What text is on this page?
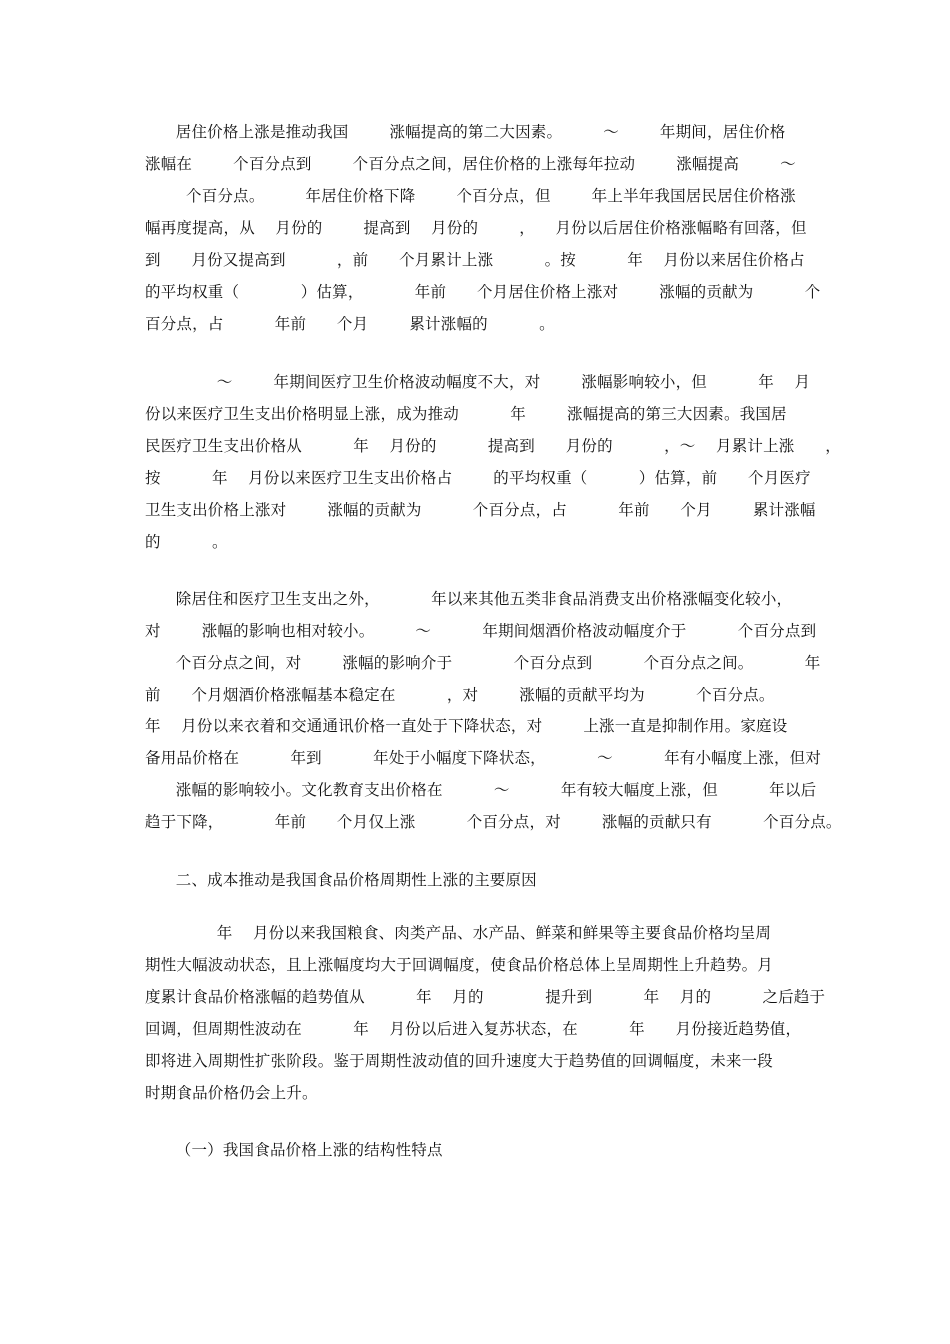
居住价格上涨是推动我国        涨幅提高的第二大因素。        ～        年期间，居住价格
涨幅在        个百分点到        个百分点之间，居住价格的上涨每年拉动        涨幅提高        ～
个百分点。        年居住价格下降        个百分点，但        年上半年我国居民居住价格涨
幅再度提高，从    月份的        提高到    月份的        ，    月份以后居住价格涨幅略有回落，但
到      月份又提高到          ，前      个月累计上涨          。按          年    月份以来居住价格占
的平均权重（            ）估算，          年前      个月居住价格上涨对        涨幅的贡献为          个
百分点，占          年前      个月        累计涨幅的          。
～        年期间医疗卫生价格波动幅度不大，对        涨幅影响较小，但          年    月
份以来医疗卫生支出价格明显上涨，成为推动          年        涨幅提高的第三大因素。我国居
民医疗卫生支出价格从          年    月份的          提高到      月份的          ，～    月累计上涨      ，
按          年    月份以来医疗卫生支出价格占        的平均权重（          ）估算，前      个月医疗
卫生支出价格上涨对        涨幅的贡献为          个百分点，占          年前      个月        累计涨幅
的          。
除居住和医疗卫生支出之外，          年以来其他五类非食品消费支出价格涨幅变化较小，
对        涨幅的影响也相对较小。        ～          年期间烟酒价格波动幅度介于          个百分点到
个百分点之间，对        涨幅的影响介于            个百分点到          个百分点之间。          年
前      个月烟酒价格涨幅基本稳定在          ，对        涨幅的贡献平均为          个百分点。
年    月份以来衣着和交通通讯价格一直处于下降状态，对        上涨一直是抑制作用。家庭设
备用品价格在          年到          年处于小幅度下降状态，          ～          年有小幅度上涨，但对
涨幅的影响较小。文化教育支出价格在          ～          年有较大幅度上涨，但          年以后
趋于下降，          年前      个月仅上涨          个百分点，对        涨幅的贡献只有          个百分点。
二、成本推动是我国食品价格周期性上涨的主要原因
年    月份以来我国粮食、肉类产品、水产品、鲜菜和鲜果等主要食品价格均呈周
期性大幅波动状态，且上涨幅度均大于回调幅度，使食品价格总体上呈周期性上升趋势。月
度累计食品价格涨幅的趋势值从          年    月的            提升到          年    月的          之后趋于
回调，但周期性波动在          年    月份以后进入复苏状态，在          年      月份接近趋势值，
即将进入周期性扩张阶段。鉴于周期性波动值的回升速度大于趋势值的回调幅度，未来一段
时期食品价格仍会上升。
（一）我国食品价格上涨的结构性特点
